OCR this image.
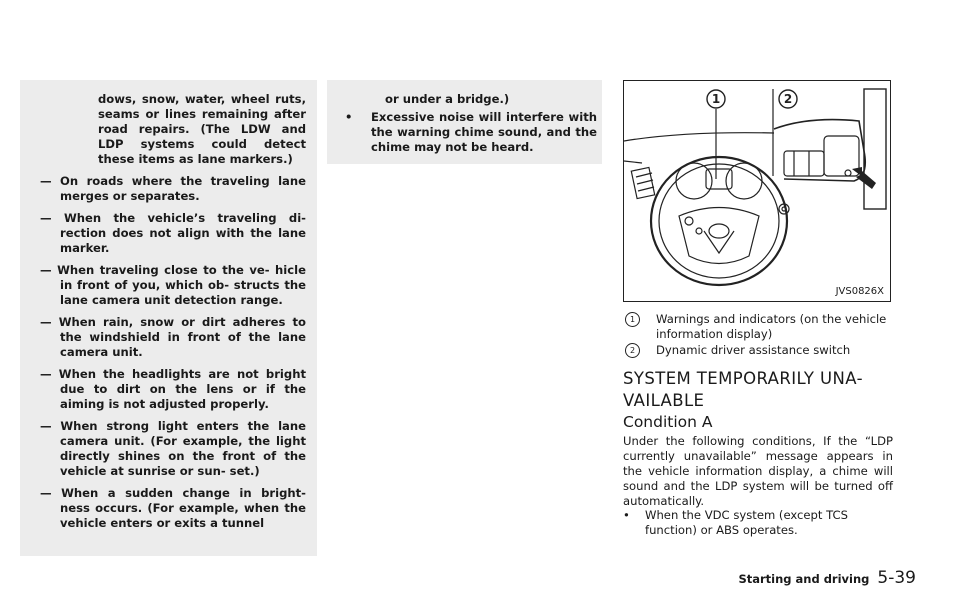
dows, snow, water, wheel ruts, seams or lines remaining after road repairs. (The LDW and LDP systems could detect these items as lane markers.)

— On roads where the traveling lane merges or separates.

— When the vehicle’s traveling di- rection does not align with the lane marker.

— When traveling close to the ve- hicle in front of you, which ob- structs the lane camera unit detection range.

— When rain, snow or dirt adheres to the windshield in front of the lane camera unit.

— When the headlights are not bright due to dirt on the lens or if the aiming is not adjusted properly.

— When strong light enters the lane camera unit. (For example, the light directly shines on the front of the vehicle at sunrise or sun- set.)

— When a sudden change in bright- ness occurs. (For example, when the vehicle enters or exits a tunnel

or under a bridge.)

•	Excessive noise will interfere with the warning chime sound, and the chime may not be heard.
1	2
JVS0826X
1	Warnings and indicators (on the vehicle information display)
2	Dynamic driver assistance switch
SYSTEM TEMPORARILY UNA- VAILABLE
Condition A

Under the following conditions, If the “LDP currently unavailable” message appears in the vehicle information display, a chime will sound and the LDP system will be turned off automatically.

•	When the VDC system (except TCS function) or ABS operates.
Starting and driving 5-39
